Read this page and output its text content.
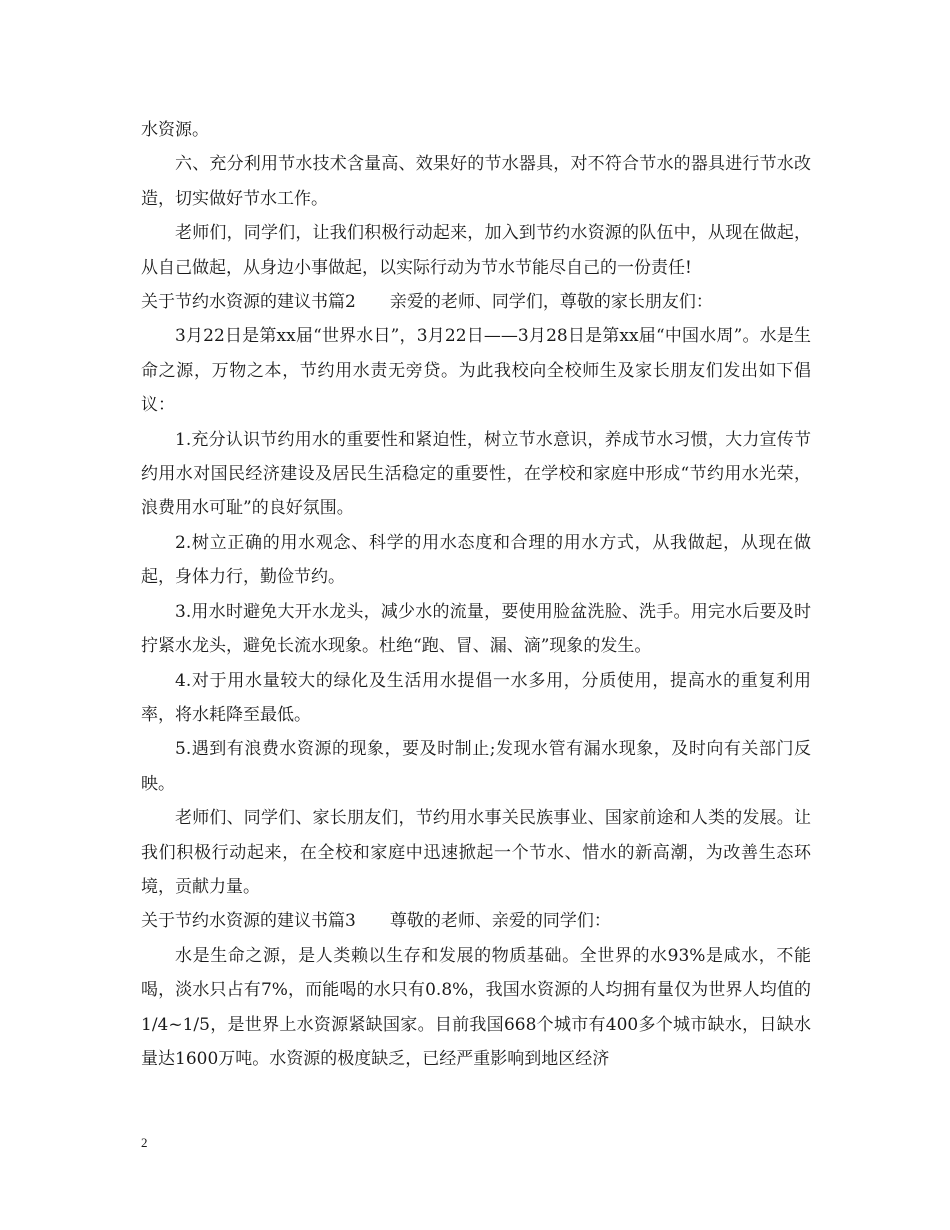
水资源。

六、充分利用节水技术含量高、效果好的节水器具，对不符合节水的器具进行节水改造，切实做好节水工作。

老师们，同学们，让我们积极行动起来，加入到节约水资源的队伍中，从现在做起，从自己做起，从身边小事做起，以实际行动为节水节能尽自己的一份责任!

关于节约水资源的建议书篇2　　亲爱的老师、同学们，尊敬的家长朋友们：

3月22日是第xx届“世界水日”，3月22日——3月28日是第xx届“中国水周”。水是生命之源，万物之本，节约用水责无旁贷。为此我校向全校师生及家长朋友们发出如下倡议：

1.充分认识节约用水的重要性和紧迫性，树立节水意识，养成节水习惯，大力宣传节约用水对国民经济建设及居民生活稳定的重要性，在学校和家庭中形成“节约用水光荣，浪费用水可耻”的良好氛围。

2.树立正确的用水观念、科学的用水态度和合理的用水方式，从我做起，从现在做起，身体力行，勤俭节约。

3.用水时避免大开水龙头，减少水的流量，要使用脸盆洗脸、洗手。用完水后要及时拧紧水龙头，避免长流水现象。杜绝“跑、冒、漏、滴”现象的发生。

4.对于用水量较大的绿化及生活用水提倡一水多用，分质使用，提高水的重复利用率，将水耗降至最低。

5.遇到有浪费水资源的现象，要及时制止;发现水管有漏水现象，及时向有关部门反映。

老师们、同学们、家长朋友们，节约用水事关民族事业、国家前途和人类的发展。让我们积极行动起来，在全校和家庭中迅速掀起一个节水、惜水的新高潮，为改善生态环境，贡献力量。

关于节约水资源的建议书篇3　　尊敬的老师、亲爱的同学们：

水是生命之源，是人类赖以生存和发展的物质基础。全世界的水93%是咸水，不能喝，淡水只占有7%，而能喝的水只有0.8%，我国水资源的人均拥有量仅为世界人均值的1/4~1/5，是世界上水资源紧缺国家。目前我国668个城市有400多个城市缺水，日缺水量达1600万吨。水资源的极度缺乏，已经严重影响到地区经济

2
